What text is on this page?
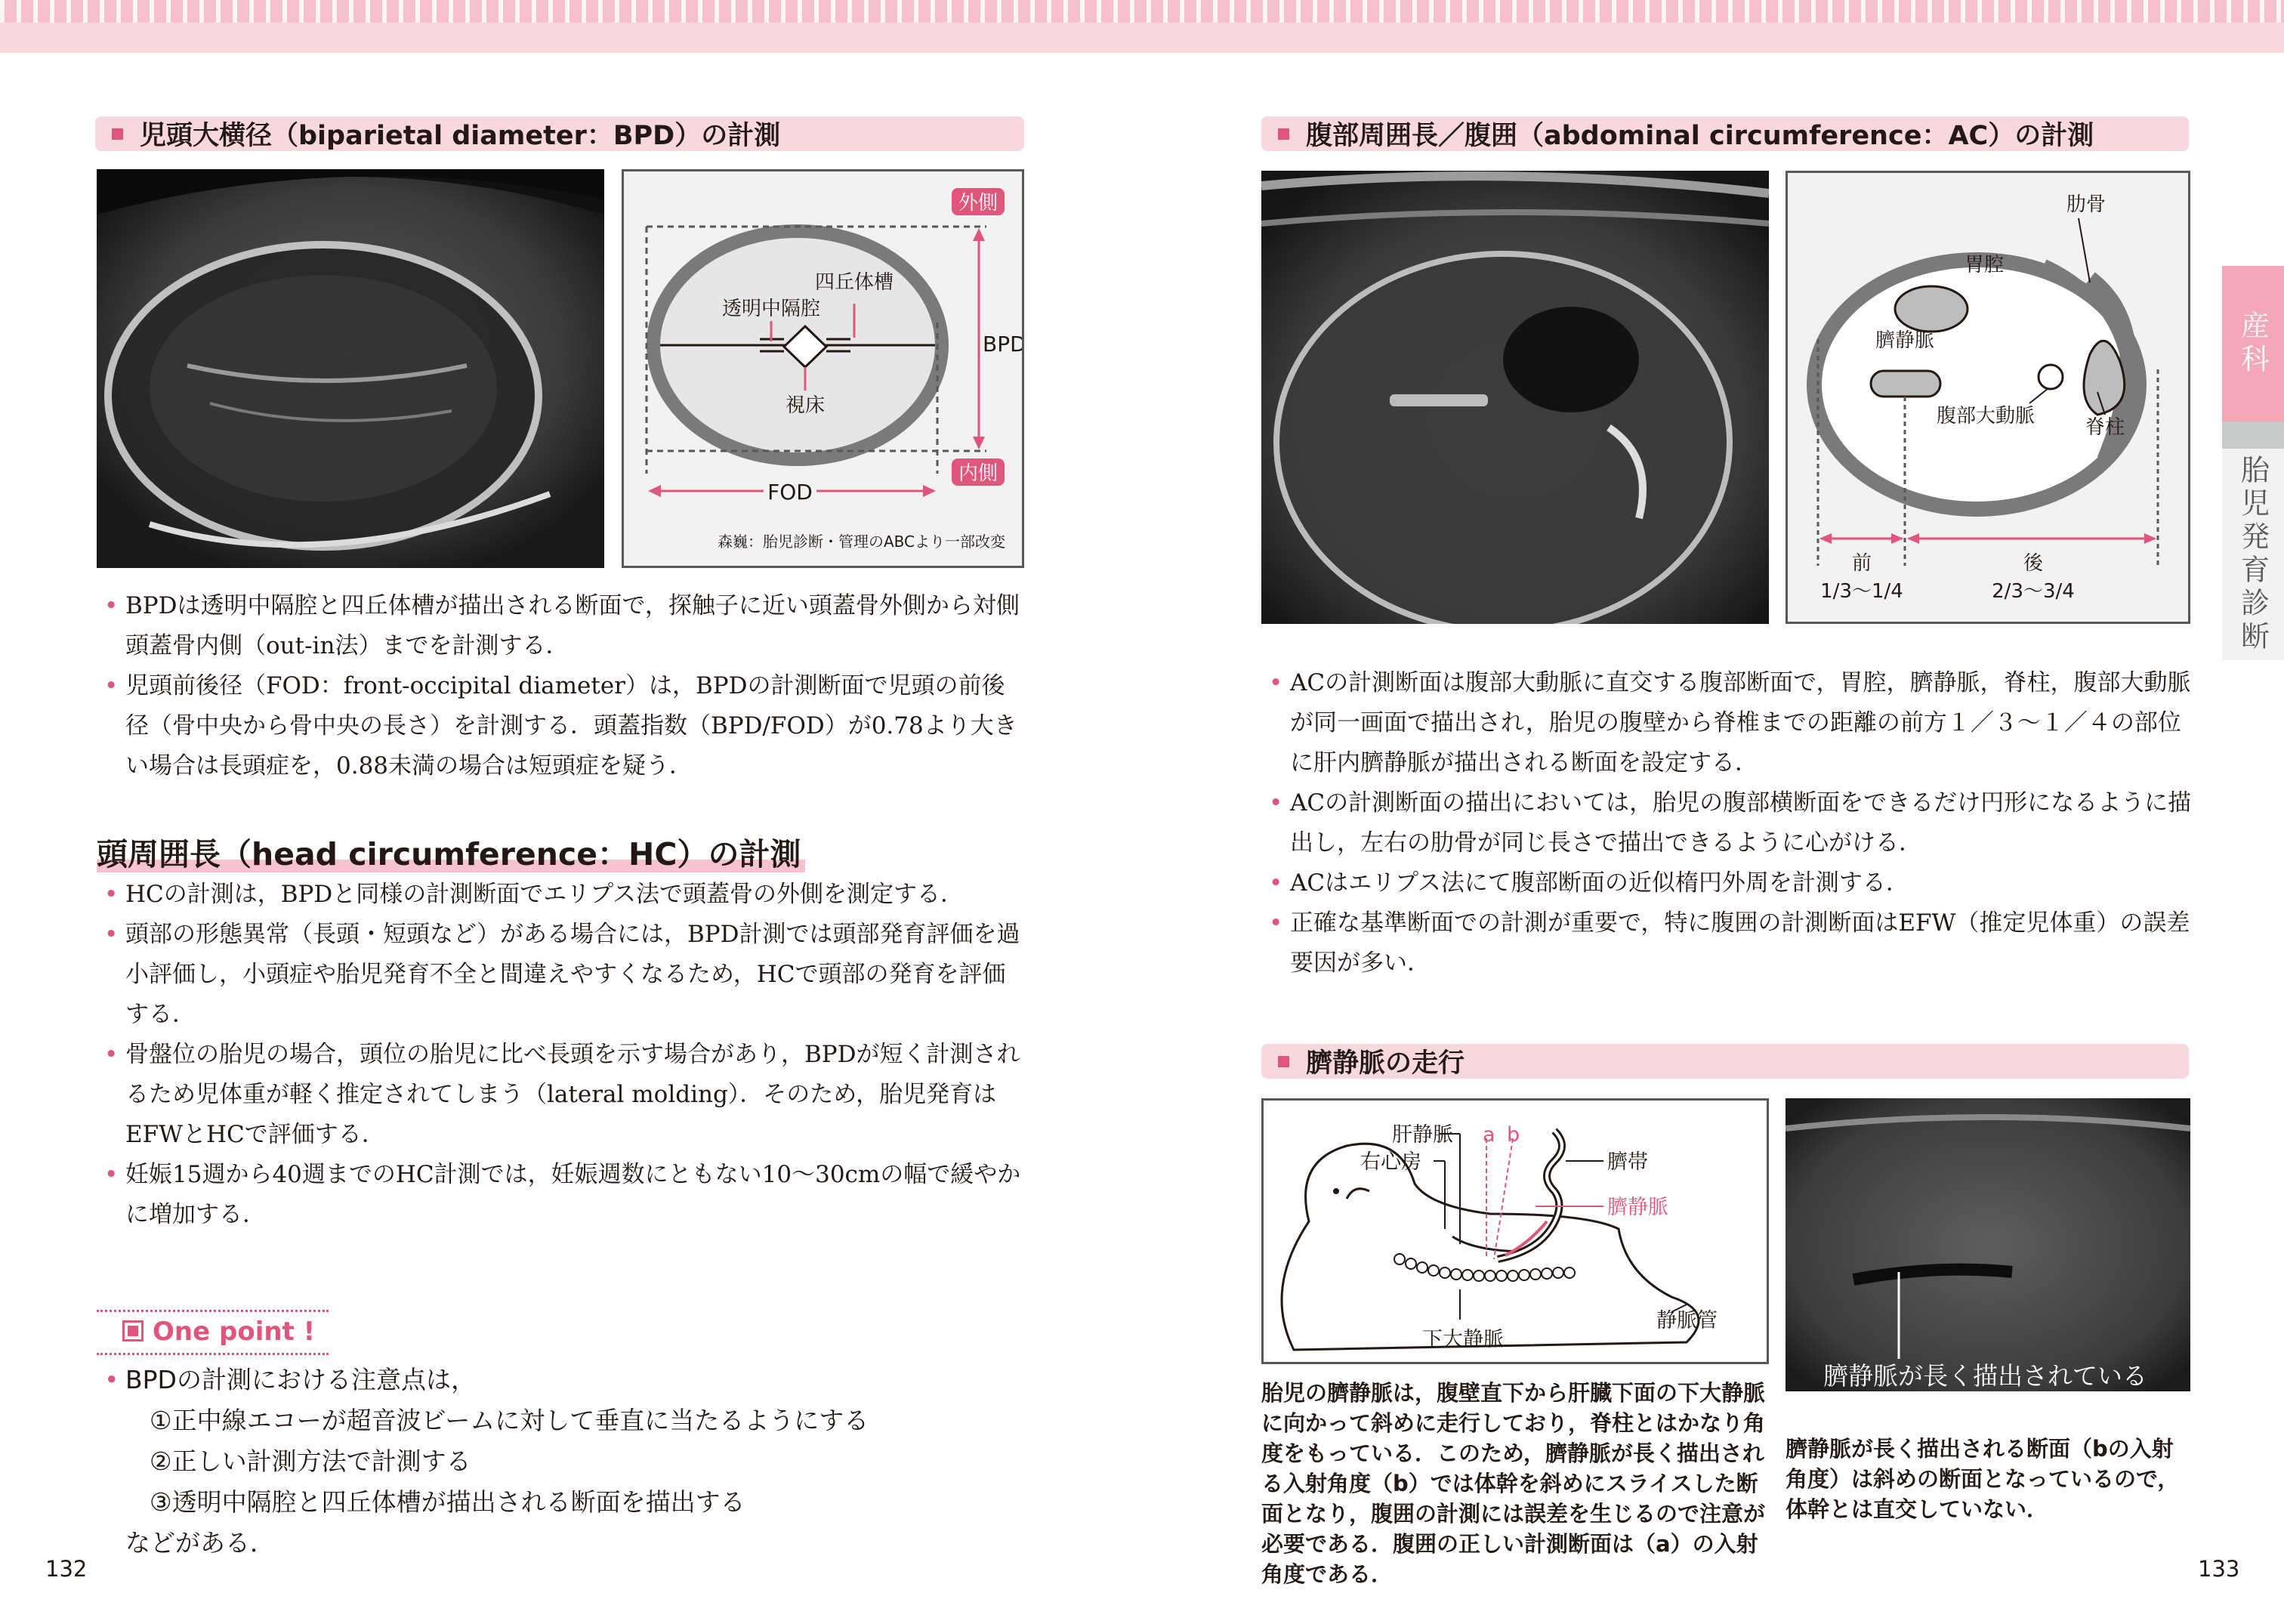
児頭大横径（biparietal diameter：BPD）の計測
外側
内側
BPD
FOD
四丘体槽
透明中隔腔
視床
森巍：胎児診断・管理のABCより一部改変
• BPDは透明中隔腔と四丘体槽が描出される断面で，探触子に近い頭蓋骨外側から対側頭蓋骨内側（out-in法）までを計測する．
• 児頭前後径（FOD：front-occipital diameter）は，BPDの計測断面で児頭の前後径（骨中央から骨中央の長さ）を計測する．頭蓋指数（BPD/FOD）が0.78より大きい場合は長頭症を，0.88未満の場合は短頭症を疑う．
頭周囲長（head circumference：HC）の計測
• HCの計測は，BPDと同様の計測断面でエリプス法で頭蓋骨の外側を測定する．
• 頭部の形態異常（長頭・短頭など）がある場合には，BPD計測では頭部発育評価を過小評価し，小頭症や胎児発育不全と間違えやすくなるため，HCで頭部の発育を評価する．
• 骨盤位の胎児の場合，頭位の胎児に比べ長頭を示す場合があり，BPDが短く計測されるため児体重が軽く推定されてしまう（lateral molding）．そのため，胎児発育はEFWとHCで評価する．
• 妊娠15週から40週までのHC計測では，妊娠週数にともない10～30cmの幅で緩やかに増加する．
One point !
• BPDの計測における注意点は，
①正中線エコーが超音波ビームに対して垂直に当たるようにする
②正しい計測方法で計測する
③透明中隔腔と四丘体槽が描出される断面を描出する
などがある．
132
腹部周囲長／腹囲（abdominal circumference：AC）の計測
肋骨
胃腔
臍静脈
腹部大動脈	脊柱
前	後
1/3～1/4	2/3～3/4
• ACの計測断面は腹部大動脈に直交する腹部断面で，胃腔，臍静脈，脊柱，腹部大動脈が同一画面で描出され，胎児の腹壁から脊椎までの距離の前方１／３～１／４の部位に肝内臍静脈が描出される断面を設定する．
• ACの計測断面の描出においては，胎児の腹部横断面をできるだけ円形になるように描出し，左右の肋骨が同じ長さで描出できるように心がける．
• ACはエリプス法にて腹部断面の近似楕円外周を計測する．
• 正確な基準断面での計測が重要で，特に腹囲の計測断面はEFW（推定児体重）の誤差要因が多い．
臍静脈の走行
肝静脈
右心房
a b
臍帯
臍静脈
下大静脈
静脈管
臍静脈が長く描出されている
胎児の臍静脈は，腹壁直下から肝臓下面の下大静脈に向かって斜めに走行しており，脊柱とはかなり角度をもっている．このため，臍静脈が長く描出される入射角度（b）では体幹を斜めにスライスした断面となり，腹囲の計測には誤差を生じるので注意が必要である．腹囲の正しい計測断面は（a）の入射角度である．
臍静脈が長く描出される断面（bの入射角度）は斜めの断面となっているので，体幹とは直交していない．
133
産科
胎児発育診断
